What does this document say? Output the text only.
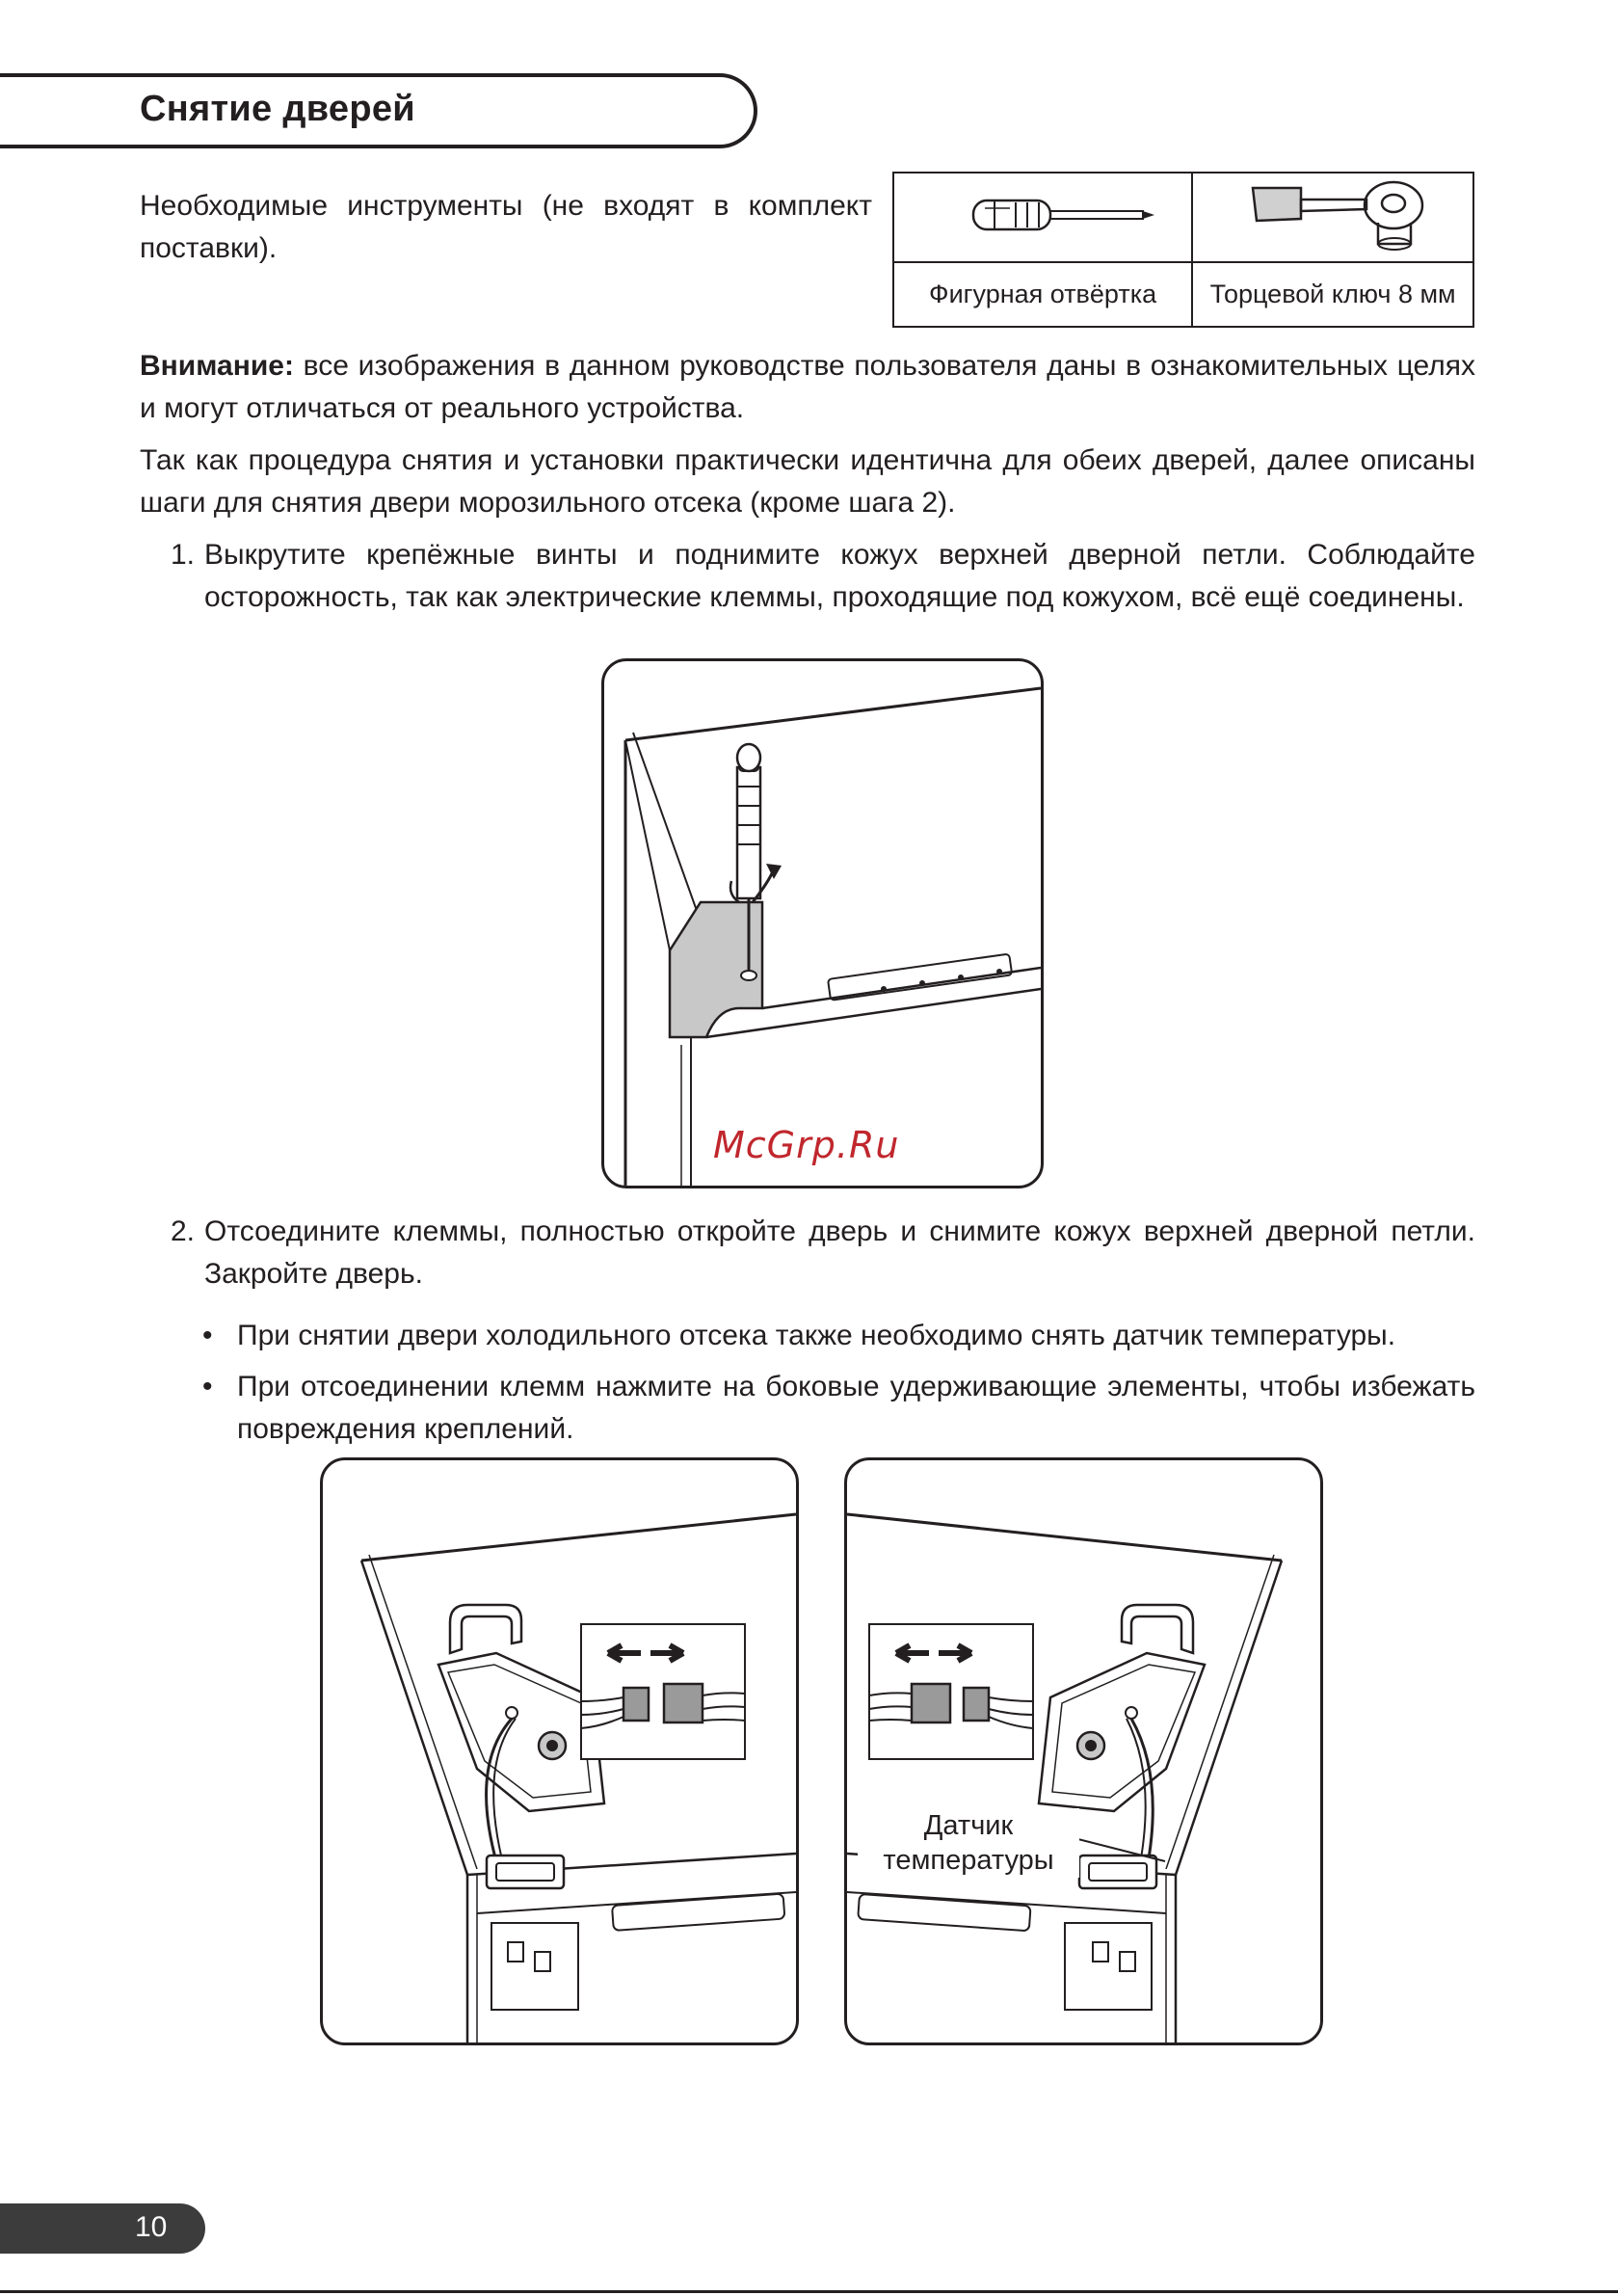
Снятие дверей

Необходимые инструменты (не входят в комплект поставки).

Фигурная отвёртка	Торцевой ключ 8 мм

Внимание: все изображения в данном руководстве пользователя даны в ознакомительных целях и могут отличаться от реального устройства.

Так как процедура снятия и установки практически идентична для обеих дверей, далее описаны шаги для снятия двери морозильного отсека (кроме шага 2).

1. Выкрутите крепёжные винты и поднимите кожух верхней дверной петли. Соблюдайте осторожность, так как электрические клеммы, проходящие под кожухом, всё ещё соединены.

McGrp.Ru
2. Отсоедините клеммы, полностью откройте дверь и снимите кожух верхней дверной петли. Закройте дверь.

• При снятии двери холодильного отсека также необходимо снять датчик температуры.

• При отсоединении клемм нажмите на боковые удерживающие элементы, чтобы избежать повреждения креплений.

Датчик температуры
10
